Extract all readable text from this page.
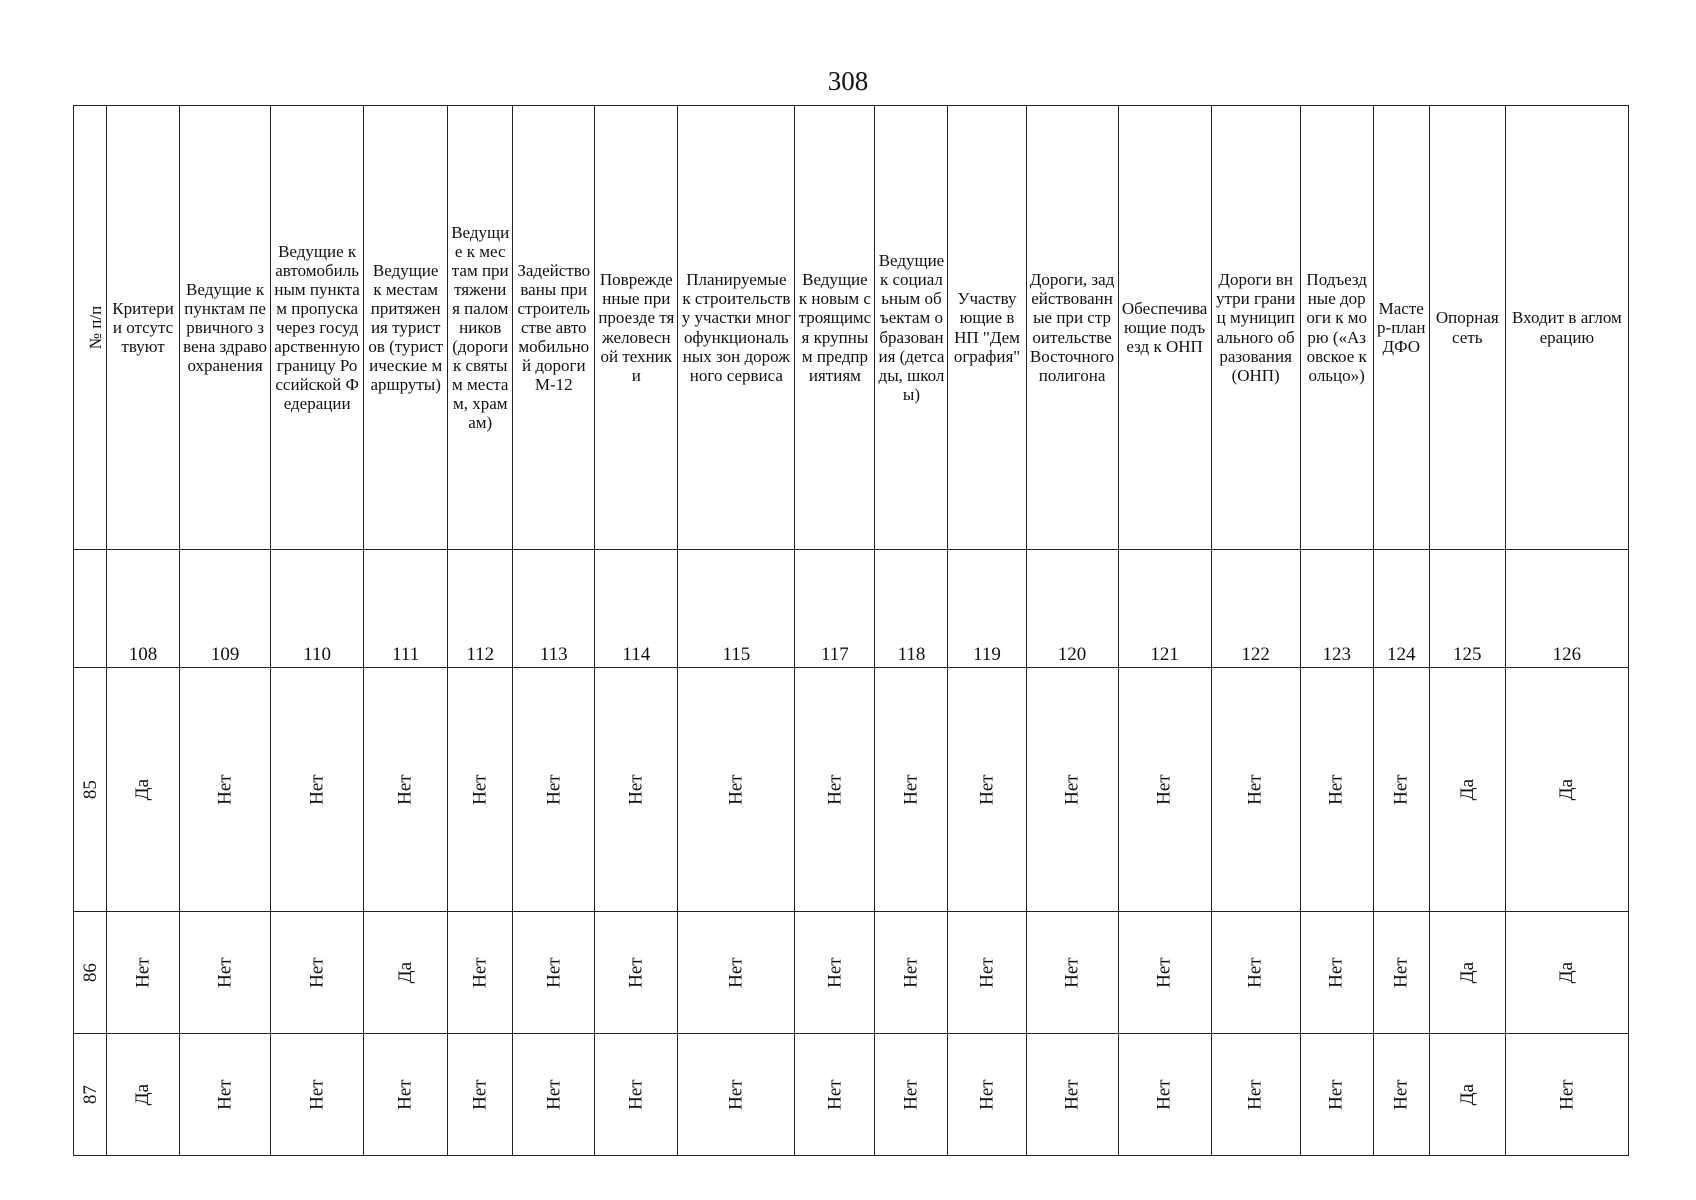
308
№ п/п	Критерии отсутствуют	Ведущие к пунктам первичного звена здравоохранения	Ведущие к автомобильным пунктам пропуска через государственную границу Российской Федерации	Ведущие к местам притяжения туристов (туристические маршруты)	Ведущие к местам притяжения паломников (дороги к святым местам, храмам)	Задействованы при строительстве автомобильной дороги М-12	Поврежденные при проезде тяжеловесной техники	Планируемые к строительству участки многофункциональных зон дорожного сервиса	Ведущие к новым строящимся крупным предприятиям	Ведущие к социальным объектам образования (детсады, школы)	Участвующие в НП "Демография"	Дороги, задействованные при строительстве Восточного полигона	Обеспечивающие подъезд к ОНП	Дороги внутри границ муниципального образования (ОНП)	Подъездные дороги к морю («Азовское кольцо»)	Мастер-план ДФО	Опорная сеть	Входит в агломерацию

	108	109	110	111	112	113	114	115	117	118	119	120	121	122	123	124	125	126
85	Да	Нет	Нет	Нет	Нет	Нет	Нет	Нет	Нет	Нет	Нет	Нет	Нет	Нет	Нет	Нет	Да	Да
86	Нет	Нет	Нет	Да	Нет	Нет	Нет	Нет	Нет	Нет	Нет	Нет	Нет	Нет	Нет	Нет	Да	Да
87	Да	Нет	Нет	Нет	Нет	Нет	Нет	Нет	Нет	Нет	Нет	Нет	Нет	Нет	Нет	Нет	Да	Нет
